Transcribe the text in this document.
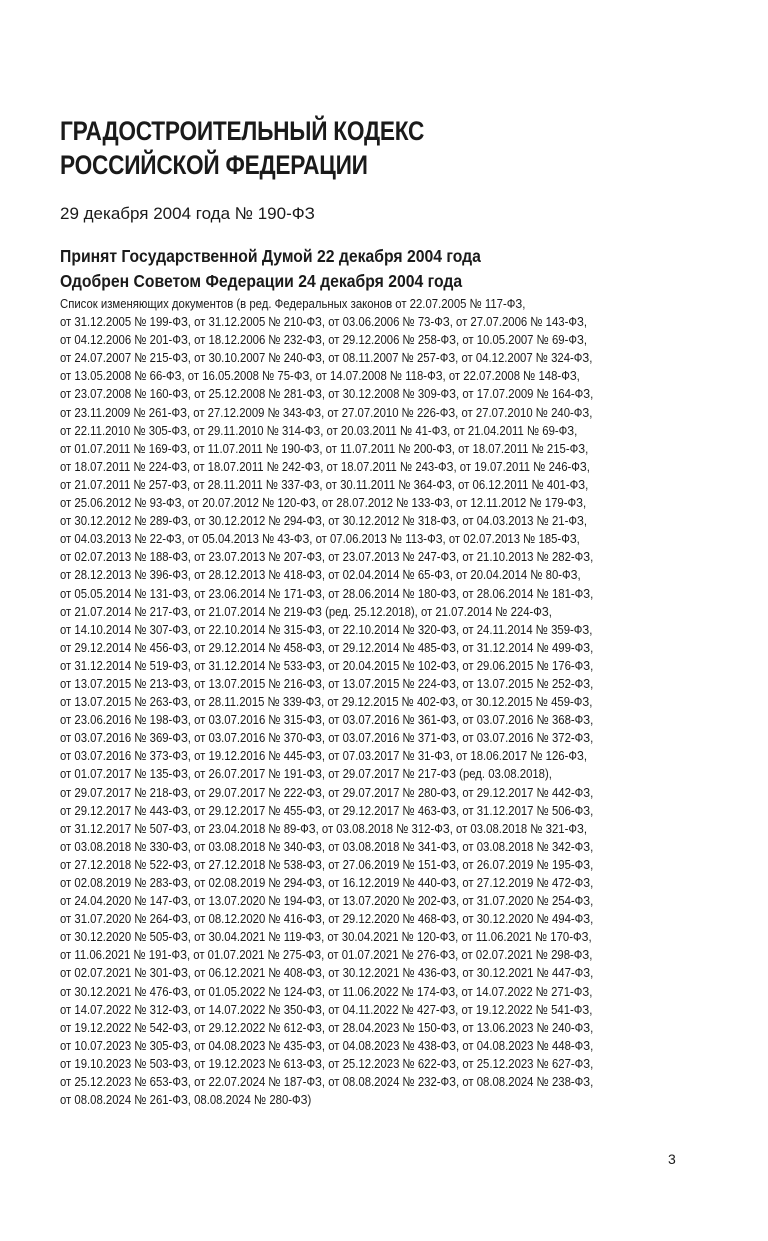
ГРАДОСТРОИТЕЛЬНЫЙ КОДЕКС
РОССИЙСКОЙ ФЕДЕРАЦИИ
29 декабря 2004 года № 190-ФЗ
Принят Государственной Думой 22 декабря 2004 года
Одобрен Советом Федерации 24 декабря 2004 года
Список изменяющих документов (в ред. Федеральных законов от 22.07.2005 № 117-ФЗ,
от 31.12.2005 № 199-ФЗ, от 31.12.2005 № 210-ФЗ, от 03.06.2006 № 73-ФЗ, от 27.07.2006 № 143-ФЗ,
от 04.12.2006 № 201-ФЗ, от 18.12.2006 № 232-ФЗ, от 29.12.2006 № 258-ФЗ, от 10.05.2007 № 69-ФЗ,
от 24.07.2007 № 215-ФЗ, от 30.10.2007 № 240-ФЗ, от 08.11.2007 № 257-ФЗ, от 04.12.2007 № 324-ФЗ,
от 13.05.2008 № 66-ФЗ, от 16.05.2008 № 75-ФЗ, от 14.07.2008 № 118-ФЗ, от 22.07.2008 № 148-ФЗ,
от 23.07.2008 № 160-ФЗ, от 25.12.2008 № 281-ФЗ, от 30.12.2008 № 309-ФЗ, от 17.07.2009 № 164-ФЗ,
от 23.11.2009 № 261-ФЗ, от 27.12.2009 № 343-ФЗ, от 27.07.2010 № 226-ФЗ, от 27.07.2010 № 240-ФЗ,
от 22.11.2010 № 305-ФЗ, от 29.11.2010 № 314-ФЗ, от 20.03.2011 № 41-ФЗ, от 21.04.2011 № 69-ФЗ,
от 01.07.2011 № 169-ФЗ, от 11.07.2011 № 190-ФЗ, от 11.07.2011 № 200-ФЗ, от 18.07.2011 № 215-ФЗ,
от 18.07.2011 № 224-ФЗ, от 18.07.2011 № 242-ФЗ, от 18.07.2011 № 243-ФЗ, от 19.07.2011 № 246-ФЗ,
от 21.07.2011 № 257-ФЗ, от 28.11.2011 № 337-ФЗ, от 30.11.2011 № 364-ФЗ, от 06.12.2011 № 401-ФЗ,
от 25.06.2012 № 93-ФЗ, от 20.07.2012 № 120-ФЗ, от 28.07.2012 № 133-ФЗ, от 12.11.2012 № 179-ФЗ,
от 30.12.2012 № 289-ФЗ, от 30.12.2012 № 294-ФЗ, от 30.12.2012 № 318-ФЗ, от 04.03.2013 № 21-ФЗ,
от 04.03.2013 № 22-ФЗ, от 05.04.2013 № 43-ФЗ, от 07.06.2013 № 113-ФЗ, от 02.07.2013 № 185-ФЗ,
от 02.07.2013 № 188-ФЗ, от 23.07.2013 № 207-ФЗ, от 23.07.2013 № 247-ФЗ, от 21.10.2013 № 282-ФЗ,
от 28.12.2013 № 396-ФЗ, от 28.12.2013 № 418-ФЗ, от 02.04.2014 № 65-ФЗ, от 20.04.2014 № 80-ФЗ,
от 05.05.2014 № 131-ФЗ, от 23.06.2014 № 171-ФЗ, от 28.06.2014 № 180-ФЗ, от 28.06.2014 № 181-ФЗ,
от 21.07.2014 № 217-ФЗ, от 21.07.2014 № 219-ФЗ (ред. 25.12.2018), от 21.07.2014 № 224-ФЗ,
от 14.10.2014 № 307-ФЗ, от 22.10.2014 № 315-ФЗ, от 22.10.2014 № 320-ФЗ, от 24.11.2014 № 359-ФЗ,
от 29.12.2014 № 456-ФЗ, от 29.12.2014 № 458-ФЗ, от 29.12.2014 № 485-ФЗ, от 31.12.2014 № 499-ФЗ,
от 31.12.2014 № 519-ФЗ, от 31.12.2014 № 533-ФЗ, от 20.04.2015 № 102-ФЗ, от 29.06.2015 № 176-ФЗ,
от 13.07.2015 № 213-ФЗ, от 13.07.2015 № 216-ФЗ, от 13.07.2015 № 224-ФЗ, от 13.07.2015 № 252-ФЗ,
от 13.07.2015 № 263-ФЗ, от 28.11.2015 № 339-ФЗ, от 29.12.2015 № 402-ФЗ, от 30.12.2015 № 459-ФЗ,
от 23.06.2016 № 198-ФЗ, от 03.07.2016 № 315-ФЗ, от 03.07.2016 № 361-ФЗ, от 03.07.2016 № 368-ФЗ,
от 03.07.2016 № 369-ФЗ, от 03.07.2016 № 370-ФЗ, от 03.07.2016 № 371-ФЗ, от 03.07.2016 № 372-ФЗ,
от 03.07.2016 № 373-ФЗ, от 19.12.2016 № 445-ФЗ, от 07.03.2017 № 31-ФЗ, от 18.06.2017 № 126-ФЗ,
от 01.07.2017 № 135-ФЗ, от 26.07.2017 № 191-ФЗ, от 29.07.2017 № 217-ФЗ (ред. 03.08.2018),
от 29.07.2017 № 218-ФЗ, от 29.07.2017 № 222-ФЗ, от 29.07.2017 № 280-ФЗ, от 29.12.2017 № 442-ФЗ,
от 29.12.2017 № 443-ФЗ, от 29.12.2017 № 455-ФЗ, от 29.12.2017 № 463-ФЗ, от 31.12.2017 № 506-ФЗ,
от 31.12.2017 № 507-ФЗ, от 23.04.2018 № 89-ФЗ, от 03.08.2018 № 312-ФЗ, от 03.08.2018 № 321-ФЗ,
от 03.08.2018 № 330-ФЗ, от 03.08.2018 № 340-ФЗ, от 03.08.2018 № 341-ФЗ, от 03.08.2018 № 342-ФЗ,
от 27.12.2018 № 522-ФЗ, от 27.12.2018 № 538-ФЗ, от 27.06.2019 № 151-ФЗ, от 26.07.2019 № 195-ФЗ,
от 02.08.2019 № 283-ФЗ, от 02.08.2019 № 294-ФЗ, от 16.12.2019 № 440-ФЗ, от 27.12.2019 № 472-ФЗ,
от 24.04.2020 № 147-ФЗ, от 13.07.2020 № 194-ФЗ, от 13.07.2020 № 202-ФЗ, от 31.07.2020 № 254-ФЗ,
от 31.07.2020 № 264-ФЗ, от 08.12.2020 № 416-ФЗ, от 29.12.2020 № 468-ФЗ, от 30.12.2020 № 494-ФЗ,
от 30.12.2020 № 505-ФЗ, от 30.04.2021 № 119-ФЗ, от 30.04.2021 № 120-ФЗ, от 11.06.2021 № 170-ФЗ,
от 11.06.2021 № 191-ФЗ, от 01.07.2021 № 275-ФЗ, от 01.07.2021 № 276-ФЗ, от 02.07.2021 № 298-ФЗ,
от 02.07.2021 № 301-ФЗ, от 06.12.2021 № 408-ФЗ, от 30.12.2021 № 436-ФЗ, от 30.12.2021 № 447-ФЗ,
от 30.12.2021 № 476-ФЗ, от 01.05.2022 № 124-ФЗ, от 11.06.2022 № 174-ФЗ, от 14.07.2022 № 271-ФЗ,
от 14.07.2022 № 312-ФЗ, от 14.07.2022 № 350-ФЗ, от 04.11.2022 № 427-ФЗ, от 19.12.2022 № 541-ФЗ,
от 19.12.2022 № 542-ФЗ, от 29.12.2022 № 612-ФЗ, от 28.04.2023 № 150-ФЗ, от 13.06.2023 № 240-ФЗ,
от 10.07.2023 № 305-ФЗ, от 04.08.2023 № 435-ФЗ, от 04.08.2023 № 438-ФЗ, от 04.08.2023 № 448-ФЗ,
от 19.10.2023 № 503-ФЗ, от 19.12.2023 № 613-ФЗ, от 25.12.2023 № 622-ФЗ, от 25.12.2023 № 627-ФЗ,
от 25.12.2023 № 653-ФЗ, от 22.07.2024 № 187-ФЗ, от 08.08.2024 № 232-ФЗ, от 08.08.2024 № 238-ФЗ,
от 08.08.2024 № 261-ФЗ, 08.08.2024 № 280-ФЗ)
3
